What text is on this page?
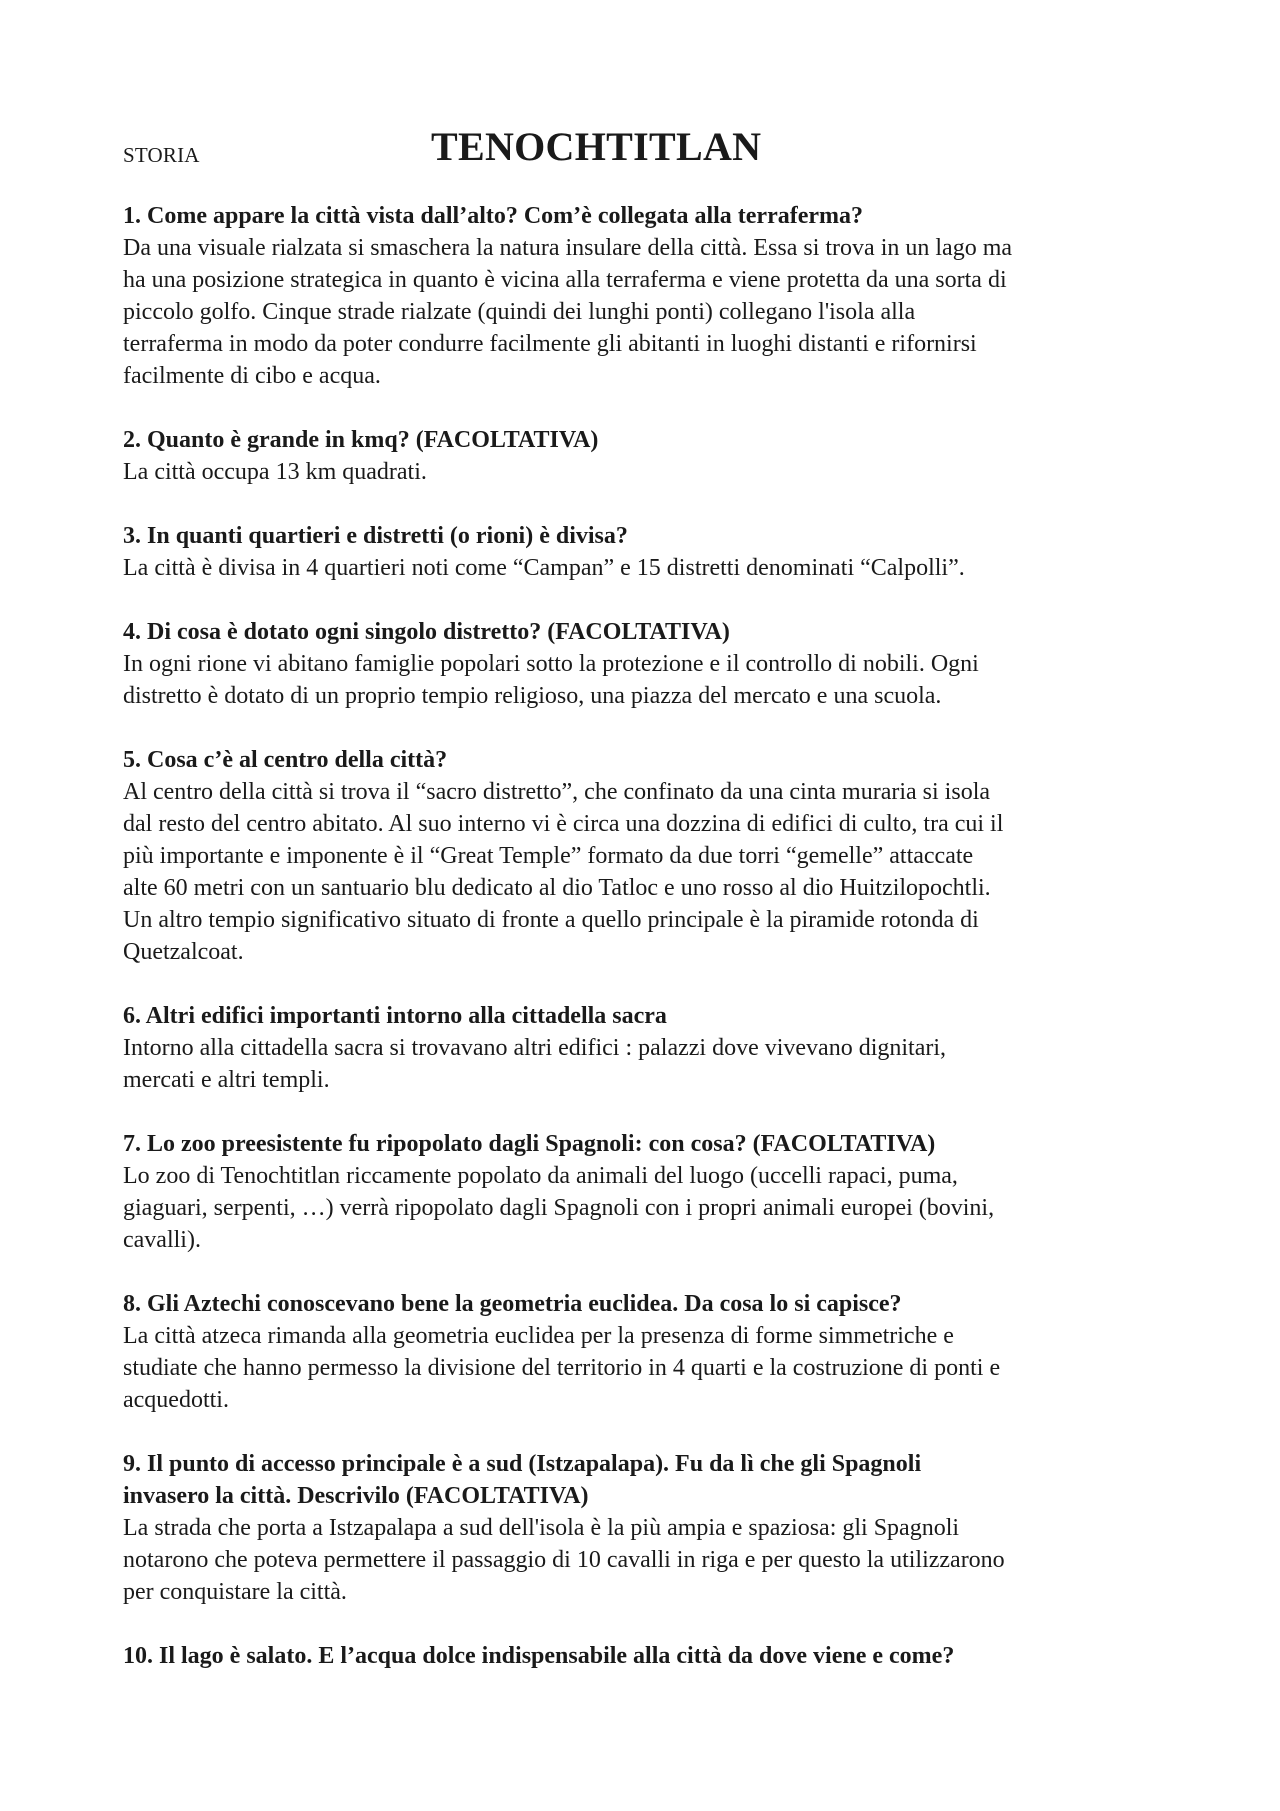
STORIA	TENOCHTITLAN
1. Come appare la città vista dall’alto? Com’è collegata alla terraferma?
Da una visuale rialzata si smaschera la natura insulare della città. Essa si trova in un lago ma
ha una posizione strategica in quanto è vicina alla terraferma e viene protetta da una sorta di
piccolo golfo. Cinque strade rialzate (quindi dei lunghi ponti) collegano l'isola alla
terraferma in modo da poter condurre facilmente gli abitanti in luoghi distanti e rifornirsi
facilmente di cibo e acqua.
2. Quanto è grande in kmq? (FACOLTATIVA)
La città occupa 13 km quadrati.
3. In quanti quartieri e distretti (o rioni) è divisa?
La città è divisa in 4 quartieri noti come “Campan” e 15 distretti denominati “Calpolli”.
4. Di cosa è dotato ogni singolo distretto? (FACOLTATIVA)
In ogni rione vi abitano famiglie popolari sotto la protezione e il controllo di nobili. Ogni
distretto è dotato di un proprio tempio religioso, una piazza del mercato e una scuola.
5. Cosa c’è al centro della città?
Al centro della città si trova il “sacro distretto”, che confinato da una cinta muraria si isola
dal resto del centro abitato. Al suo interno vi è circa una dozzina di edifici di culto, tra cui il
più importante e imponente è il “Great Temple” formato da due torri “gemelle” attaccate
alte 60 metri con un santuario blu dedicato al dio Tatloc e uno rosso al dio Huitzilopochtli.
Un altro tempio significativo situato di fronte a quello principale è la piramide rotonda di
Quetzalcoat.
6. Altri edifici importanti intorno alla cittadella sacra
Intorno alla cittadella sacra si trovavano altri edifici : palazzi dove vivevano dignitari,
mercati e altri templi.
7. Lo zoo preesistente fu ripopolato dagli Spagnoli: con cosa? (FACOLTATIVA)
Lo zoo di Tenochtitlan riccamente popolato da animali del luogo (uccelli rapaci, puma,
giaguari, serpenti, …) verrà ripopolato dagli Spagnoli con i propri animali europei (bovini,
cavalli).
8. Gli Aztechi conoscevano bene la geometria euclidea. Da cosa lo si capisce?
La città atzeca rimanda alla geometria euclidea per la presenza di forme simmetriche e
studiate che hanno permesso la divisione del territorio in 4 quarti e la costruzione di ponti e
acquedotti.
9. Il punto di accesso principale è a sud (Istzapalapa). Fu da lì che gli Spagnoli
invasero la città. Descrivilo (FACOLTATIVA)
La strada che porta a Istzapalapa a sud dell'isola è la più ampia e spaziosa: gli Spagnoli
notarono che poteva permettere il passaggio di 10 cavalli in riga e per questo la utilizzarono
per conquistare la città.
10. Il lago è salato. E l’acqua dolce indispensabile alla città da dove viene e come?
